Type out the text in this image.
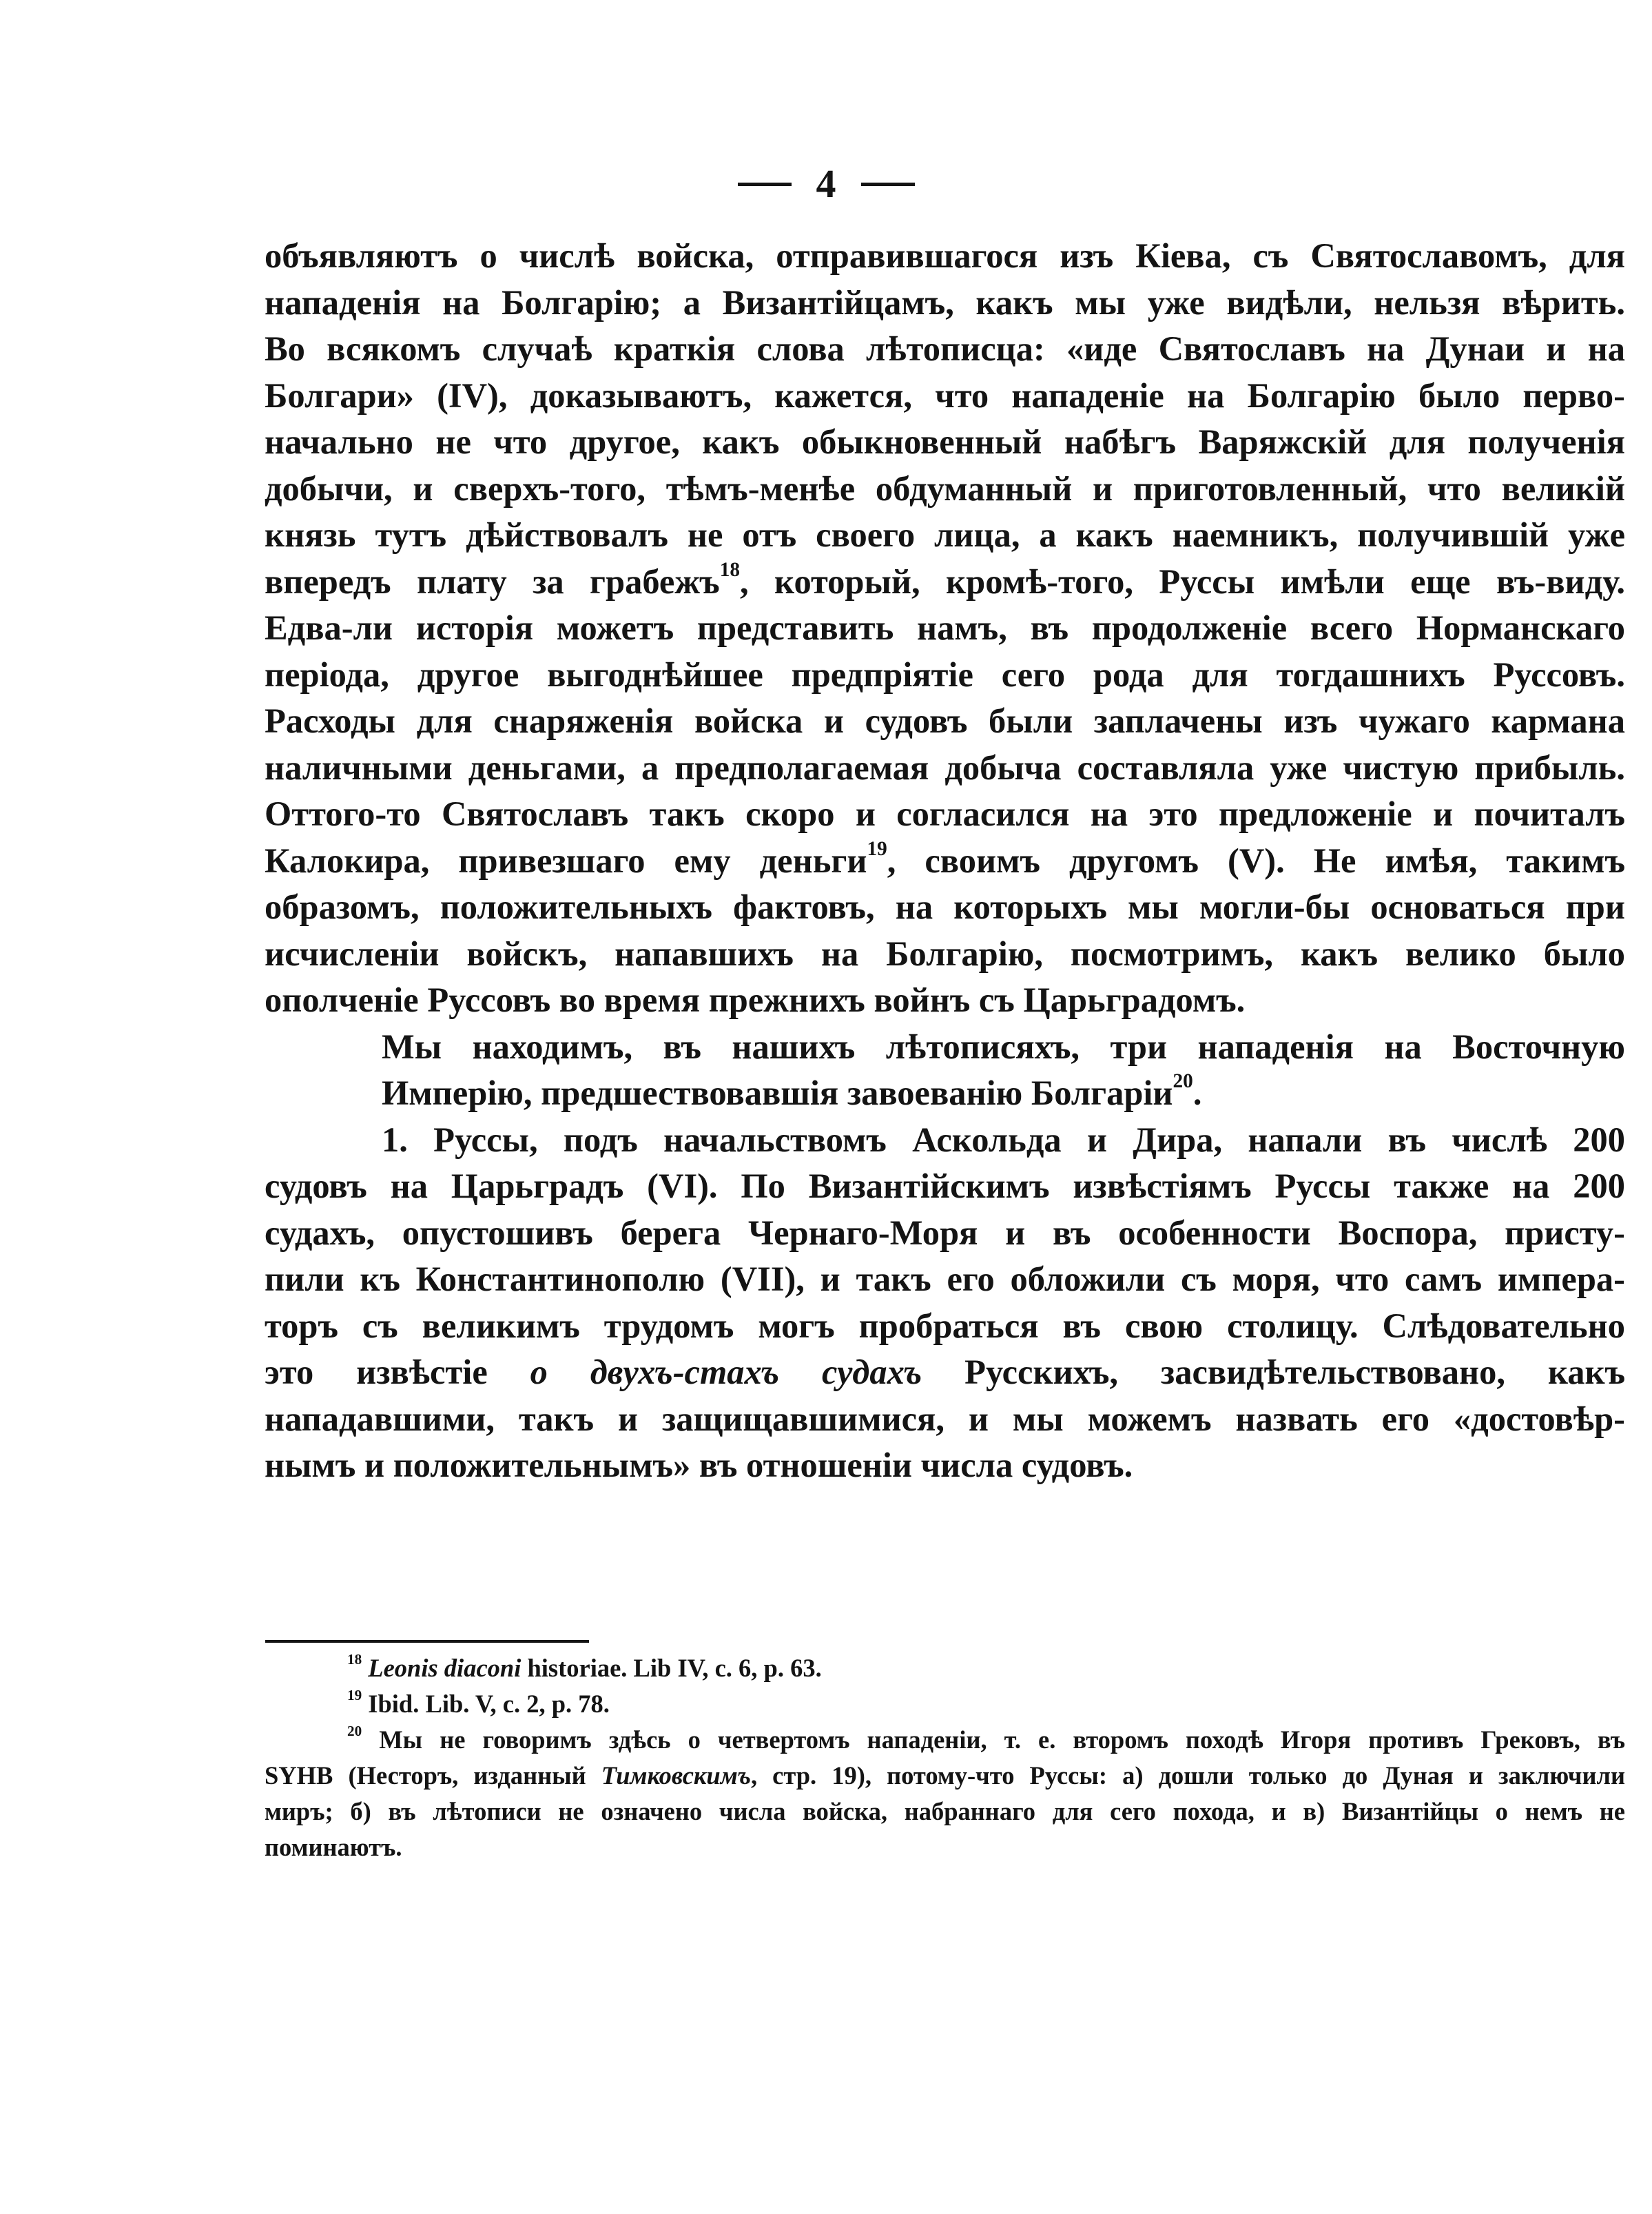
4

объявляютъ о числѣ войска, отправившагося изъ Кіева, съ Святославомъ, для
нападенія на Болгарію; а Византійцамъ, какъ мы уже видѣли, нельзя вѣрить.
Во всякомъ случаѣ краткія слова лѣтописца: «иде Святославъ на Дунаи и на
Болгари» (IV), доказываютъ, кажется, что нападеніе на Болгарію было перво-
начально не что другое, какъ обыкновенный набѣгъ Варяжскій для полученія
добычи, и сверхъ-того, тѣмъ-менѣе обдуманный и приготовленный, что великій
князь тутъ дѣйствовалъ не отъ своего лица, а какъ наемникъ, получившій уже
впередъ плату за грабежъ$^{18}$, который, кромѣ-того, Руссы имѣли еще въ-виду.
Едва-ли исторія можетъ представить намъ, въ продолженіе всего Норманскаго
періода, другое выгоднѣйшее предпріятіе сего рода для тогдашнихъ Руссовъ.
Расходы для снаряженія войска и судовъ были заплачены изъ чужаго кармана
наличными деньгами, а предполагаемая добыча составляла уже чистую прибыль.
Оттого-то Святославъ такъ скоро и согласился на это предложеніе и почиталъ
Калокира, привезшаго ему деньги$^{19}$, своимъ другомъ (V). Не имѣя, такимъ
образомъ, положительныхъ фактовъ, на которыхъ мы могли-бы основаться при
исчисленіи войскъ, напавшихъ на Болгарію, посмотримъ, какъ велико было
ополченіе Руссовъ во время прежнихъ войнъ съ Царьградомъ.

Мы находимъ, въ нашихъ лѣтописяхъ, три нападенія на Восточную
Имперію, предшествовавшія завоеванію Болгаріи$^{20}$.

1. Руссы, подъ начальствомъ Аскольда и Дира, напали въ числѣ 200
судовъ на Царьградъ (VI). По Византійскимъ извѣстіямъ Руссы также на 200
судахъ, опустошивъ берега Чернаго-Моря и въ особенности Воспора, присту-
пили къ Константинополю (VII), и такъ его обложили съ моря, что самъ импера-
торъ съ великимъ трудомъ могъ пробраться въ свою столицу. Слѣдовательно
это извѣстіе о двухъ-стахъ судахъ Русскихъ, засвидѣтельствовано, какъ
нападавшими, такъ и защищавшимися, и мы можемъ назвать его «достовѣр-
нымъ и положительнымъ» въ отношеніи числа судовъ.

$^{18}$ Leonis diaconi historiae. Lib IV, c. 6, p. 63.

$^{19}$ Ibid. Lib. V, c. 2, p. 78.

$^{20}$ Мы не говоримъ здѣсь о четвертомъ нападеніи, т. е. второмъ походѣ Игоря противъ Грековъ, въ
SYHB (Несторъ, изданный Тимковскимъ, стр. 19), потому-что Руссы: а) дошли только до Дуная и заключили
миръ; б) въ лѣтописи не означено числа войска, набраннаго для сего похода, и в) Византійцы о немъ не
поминаютъ.
